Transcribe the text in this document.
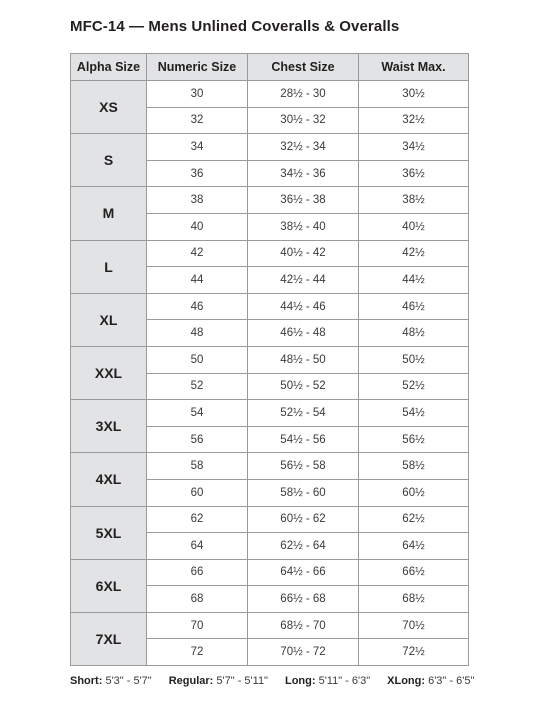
MFC-14 — Mens Unlined Coveralls & Overalls
Alpha Size	Numeric Size	Chest Size	Waist Max.
XS	30	28½ - 30	30½
	32	30½ - 32	32½
S	34	32½ - 34	34½
	36	34½ - 36	36½
M	38	36½ - 38	38½
	40	38½ - 40	40½
L	42	40½ - 42	42½
	44	42½ - 44	44½
XL	46	44½ - 46	46½
	48	46½ - 48	48½
XXL	50	48½ - 50	50½
	52	50½ - 52	52½
3XL	54	52½ - 54	54½
	56	54½ - 56	56½
4XL	58	56½ - 58	58½
	60	58½ - 60	60½
5XL	62	60½ - 62	62½
	64	62½ - 64	64½
6XL	66	64½ - 66	66½
	68	66½ - 68	68½
7XL	70	68½ - 70	70½
	72	70½ - 72	72½
Short: 5'3" - 5'7" Regular: 5'7" - 5'11" Long: 5'11" - 6'3" XLong: 6'3" - 6'5"
